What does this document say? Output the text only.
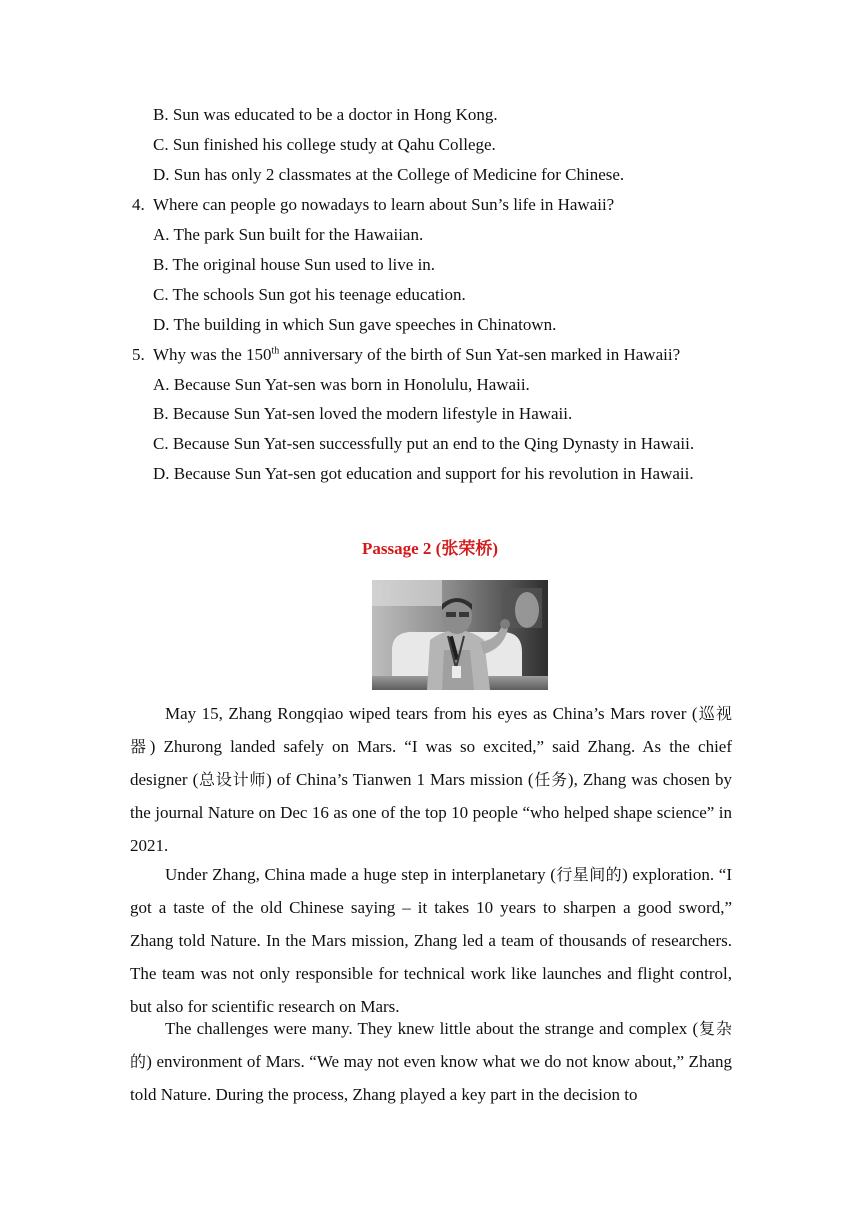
B. Sun was educated to be a doctor in Hong Kong.
C. Sun finished his college study at Qahu College.
D. Sun has only 2 classmates at the College of Medicine for Chinese.
4. Where can people go nowadays to learn about Sun’s life in Hawaii?
A. The park Sun built for the Hawaiian.
B. The original house Sun used to live in.
C. The schools Sun got his teenage education.
D. The building in which Sun gave speeches in Chinatown.
5. Why was the 150th anniversary of the birth of Sun Yat-sen marked in Hawaii?
A. Because Sun Yat-sen was born in Honolulu, Hawaii.
B. Because Sun Yat-sen loved the modern lifestyle in Hawaii.
C. Because Sun Yat-sen successfully put an end to the Qing Dynasty in Hawaii.
D. Because Sun Yat-sen got education and support for his revolution in Hawaii.
Passage 2 (张荣桥)
May 15, Zhang Rongqiao wiped tears from his eyes as China’s Mars rover (巡视器) Zhurong landed safely on Mars. “I was so excited,” said Zhang. As the chief designer (总设计师) of China’s Tianwen 1 Mars mission (任务), Zhang was chosen by the journal Nature on Dec 16 as one of the top 10 people “who helped shape science” in 2021.
Under Zhang, China made a huge step in interplanetary (行星间的) exploration. “I got a taste of the old Chinese saying – it takes 10 years to sharpen a good sword,” Zhang told Nature. In the Mars mission, Zhang led a team of thousands of researchers. The team was not only responsible for technical work like launches and flight control, but also for scientific research on Mars.
The challenges were many. They knew little about the strange and complex (复杂的) environment of Mars. “We may not even know what we do not know about,” Zhang told Nature. During the process, Zhang played a key part in the decision to
